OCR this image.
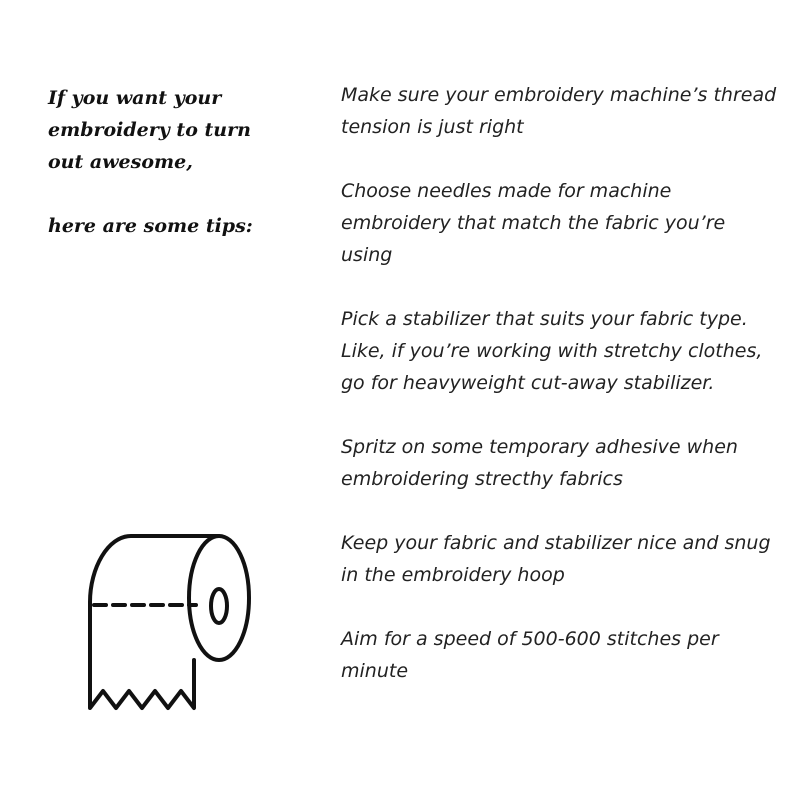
If you want your
embroidery to turn
out awesome,
here are some tips:
Make sure your embroidery machine’s thread tension is just right
Choose needles made for machine embroidery that match the fabric you’re using
Pick a stabilizer that suits your fabric type. Like, if you’re working with stretchy clothes, go for heavyweight cut-away stabilizer.
Spritz on some temporary adhesive when embroidering strecthy fabrics
Keep your fabric and stabilizer nice and snug in the embroidery hoop
Aim for a speed of 500-600 stitches per minute
